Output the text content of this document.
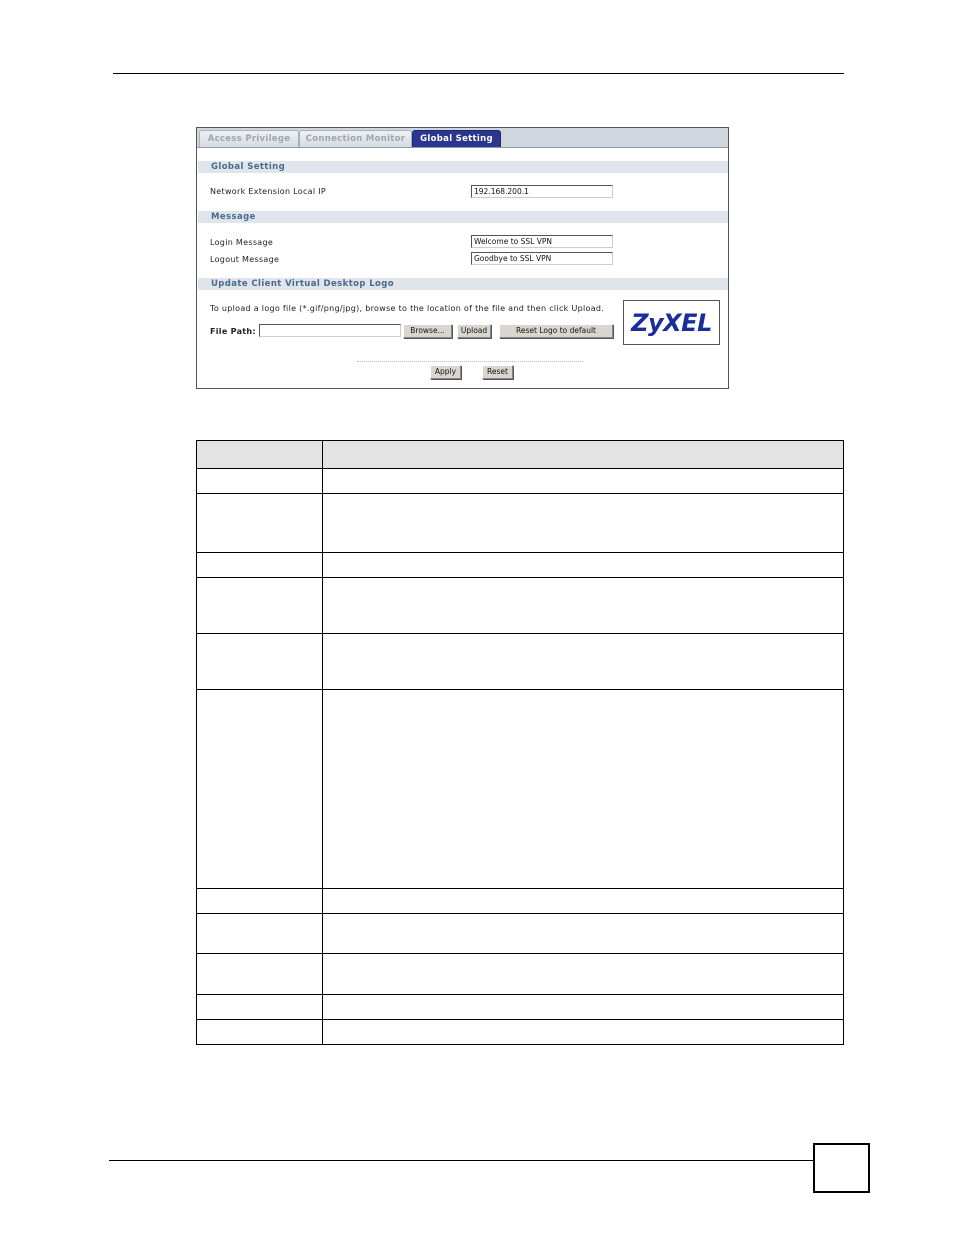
Access Privilege	Connection Monitor	Global Setting
Global Setting
Network Extension Local IP	192.168.200.1
Message
Login Message	Welcome to SSL VPN
Logout Message	Goodbye to SSL VPN
Update Client Virtual Desktop Logo
To upload a logo file (*.gif/png/jpg), browse to the location of the file and then click Upload.
File Path:	Browse...	Upload	Reset Logo to default	ZyXEL
Apply	Reset
